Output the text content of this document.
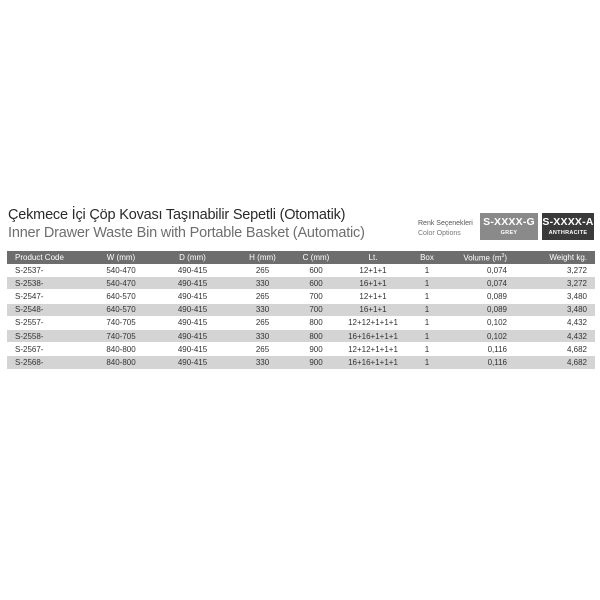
Çekmece İçi Çöp Kovası Taşınabilir Sepetli (Otomatik)
Inner Drawer Waste Bin with Portable Basket (Automatic)
Renk Seçenekleri
Color Options
S-XXXX-G
GREY
S-XXXX-A
ANTHRACITE
Product Code	W (mm)	D (mm)	H (mm)	C (mm)	Lt.	Box	Volume $(m^3)$	Weight kg.
S-2537-	540-470	490-415	265	600	12+1+1	1	0,074	3,272
S-2538-	540-470	490-415	330	600	16+1+1	1	0,074	3,272
S-2547-	640-570	490-415	265	700	12+1+1	1	0,089	3,480
S-2548-	640-570	490-415	330	700	16+1+1	1	0,089	3,480
S-2557-	740-705	490-415	265	800	12+12+1+1+1	1	0,102	4,432
S-2558-	740-705	490-415	330	800	16+16+1+1+1	1	0,102	4,432
S-2567-	840-800	490-415	265	900	12+12+1+1+1	1	0,116	4,682
S-2568-	840-800	490-415	330	900	16+16+1+1+1	1	0,116	4,682
